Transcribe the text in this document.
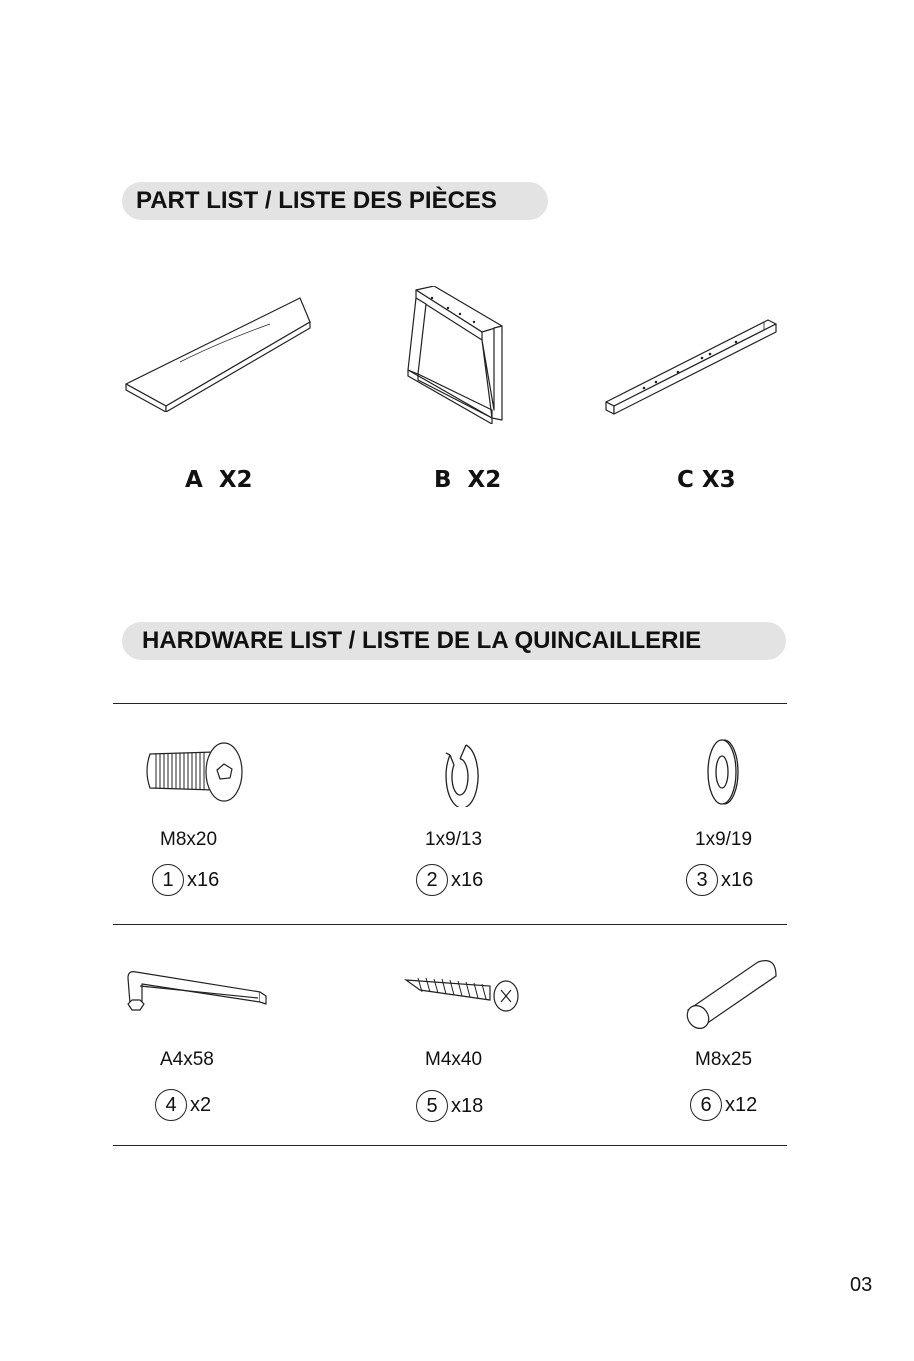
PART LIST / LISTE DES PIÈCES
A  X2	B  X2	C X3
HARDWARE LIST / LISTE DE LA QUINCAILLERIE
M8x20
1 x16
1x9/13
2 x16
1x9/19
3 x16
A4x58
4 x2
M4x40
5 x18
M8x25
6 x12
03
